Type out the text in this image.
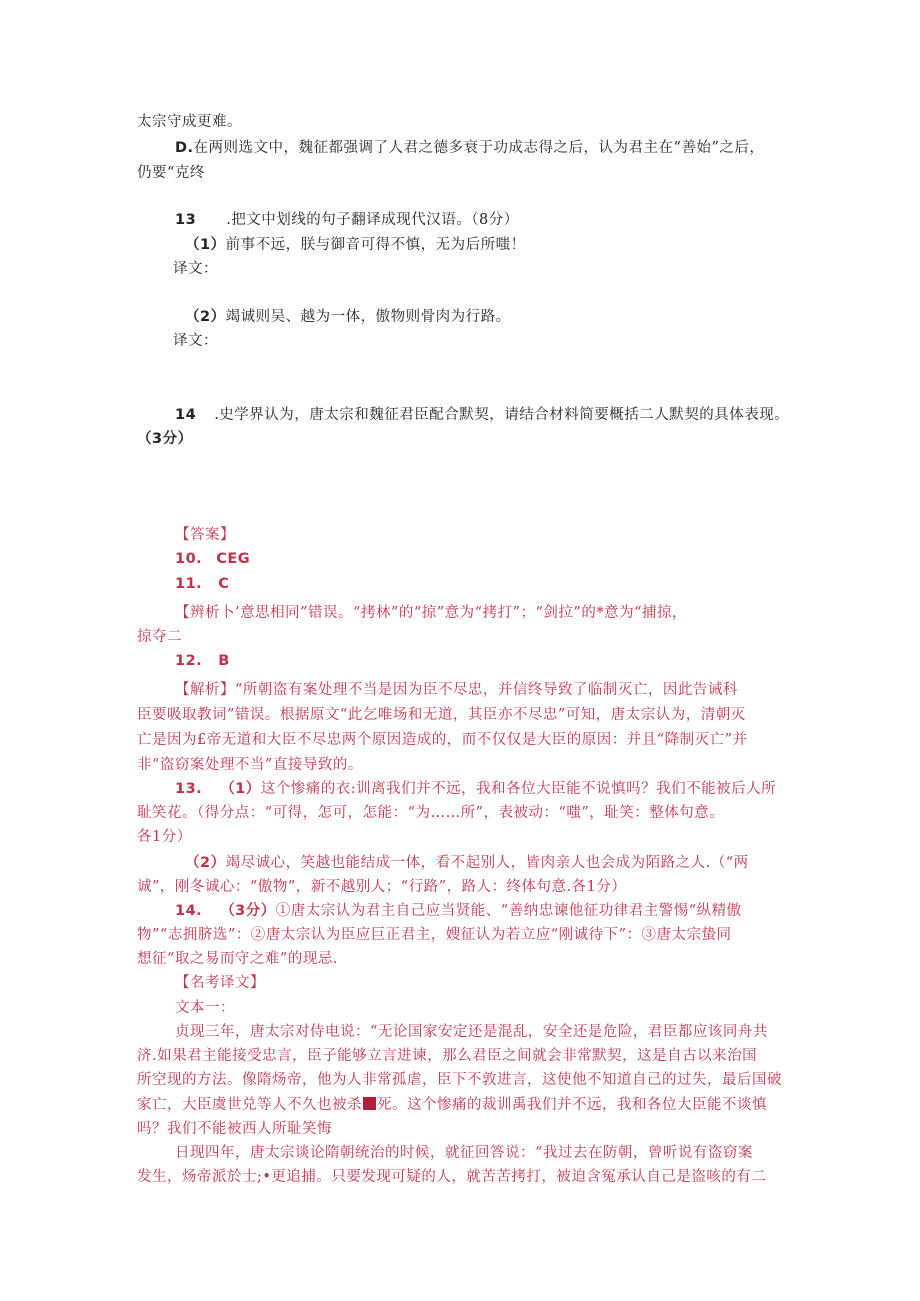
太宗守成更难。
D.在两则选文中，魏征都强调了人君之德多衰于功成志得之后，认为君主在“善始”之后，
仍要“克终
13 .把文中划线的句子翻译成现代汉语。（8分）
（1）前事不远，朕与御音可得不慎，无为后所嗤！
译文：
（2）竭诚则吴、越为一体，傲物则骨肉为行路。
译文：
14 .史学界认为，唐太宗和魏征君臣配合默契，请结合材料简要概括二人默契的具体表现。
（3分）
【答案】
10. CEG
11. C
【辨析卜’意思相同”错误。“拷林”的“掠”意为“拷打”；“剑拉”的*意为“捕掠，
掠夺二
12. B
【解析】“所朝盗有案处理不当是因为臣不尽忠，并信终导致了临制灭亡，因此告诫科
臣要吸取教词”错误。根据原文“此乞唯场和无道，其臣亦不尽忠”可知，唐太宗认为，清朝灭
亡是因为£帝无道和大臣不尽忠两个原因造成的，而不仅仅是大臣的原因：并且“降制灭亡”并
非“盗窃案处理不当”直接导致的。
13. （1）这个惨痛的衣:训离我们并不远，我和各位大臣能不说慎吗？我们不能被后人所
耻笑花。（得分点：“可得，怎可，怎能：“为……所”，表被动：“嗤”，耻笑：整体句意。
各1分）
（2）竭尽诚心，笑越也能结成一体，看不起别人，皆肉亲人也会成为陌路之人.（“两
诚”，刚冬诚心：“傲物”，新不越别人；“行路”，路人：终体句意.各1分）
14. （3分）①唐太宗认为君主自己应当贤能、“善纳忠谏他征功律君主警惕“纵精傲
物”“志拥脐选”：②唐太宗认为臣应巨正君主，嫂征认为若立应“刚诚待下”：③唐太宗蛰同
想征“取之易而守之难”的现忌.
【名考译文】
文本一：
贞现三年，唐太宗对侍电说：“无论国家安定还是混乱，安全还是危险，君臣都应该同舟共
济.如果君主能接受忠言，臣子能够立言进谏，那么君臣之间就会非常默契，这是自古以来治国
所空现的方法。像隋炀帝，他为人非常孤虐，臣下不敦进言，这使他不知道自己的过失，最后国破
家亡，大臣虞世兑等人不久也被杀 死。这个惨痛的裁训禹我们并不远，我和各位大臣能不谈慎
吗？我们不能被西人所耻笑悔
日现四年，唐太宗谈论隋朝统治的时候，就征回答说：“我过去在防朝，曾听说有盗窃案
发生，炀帝派於士;•更追捕。只要发现可疑的人，就苦苦拷打，被迫含冤承认自己是盗咳的有二
